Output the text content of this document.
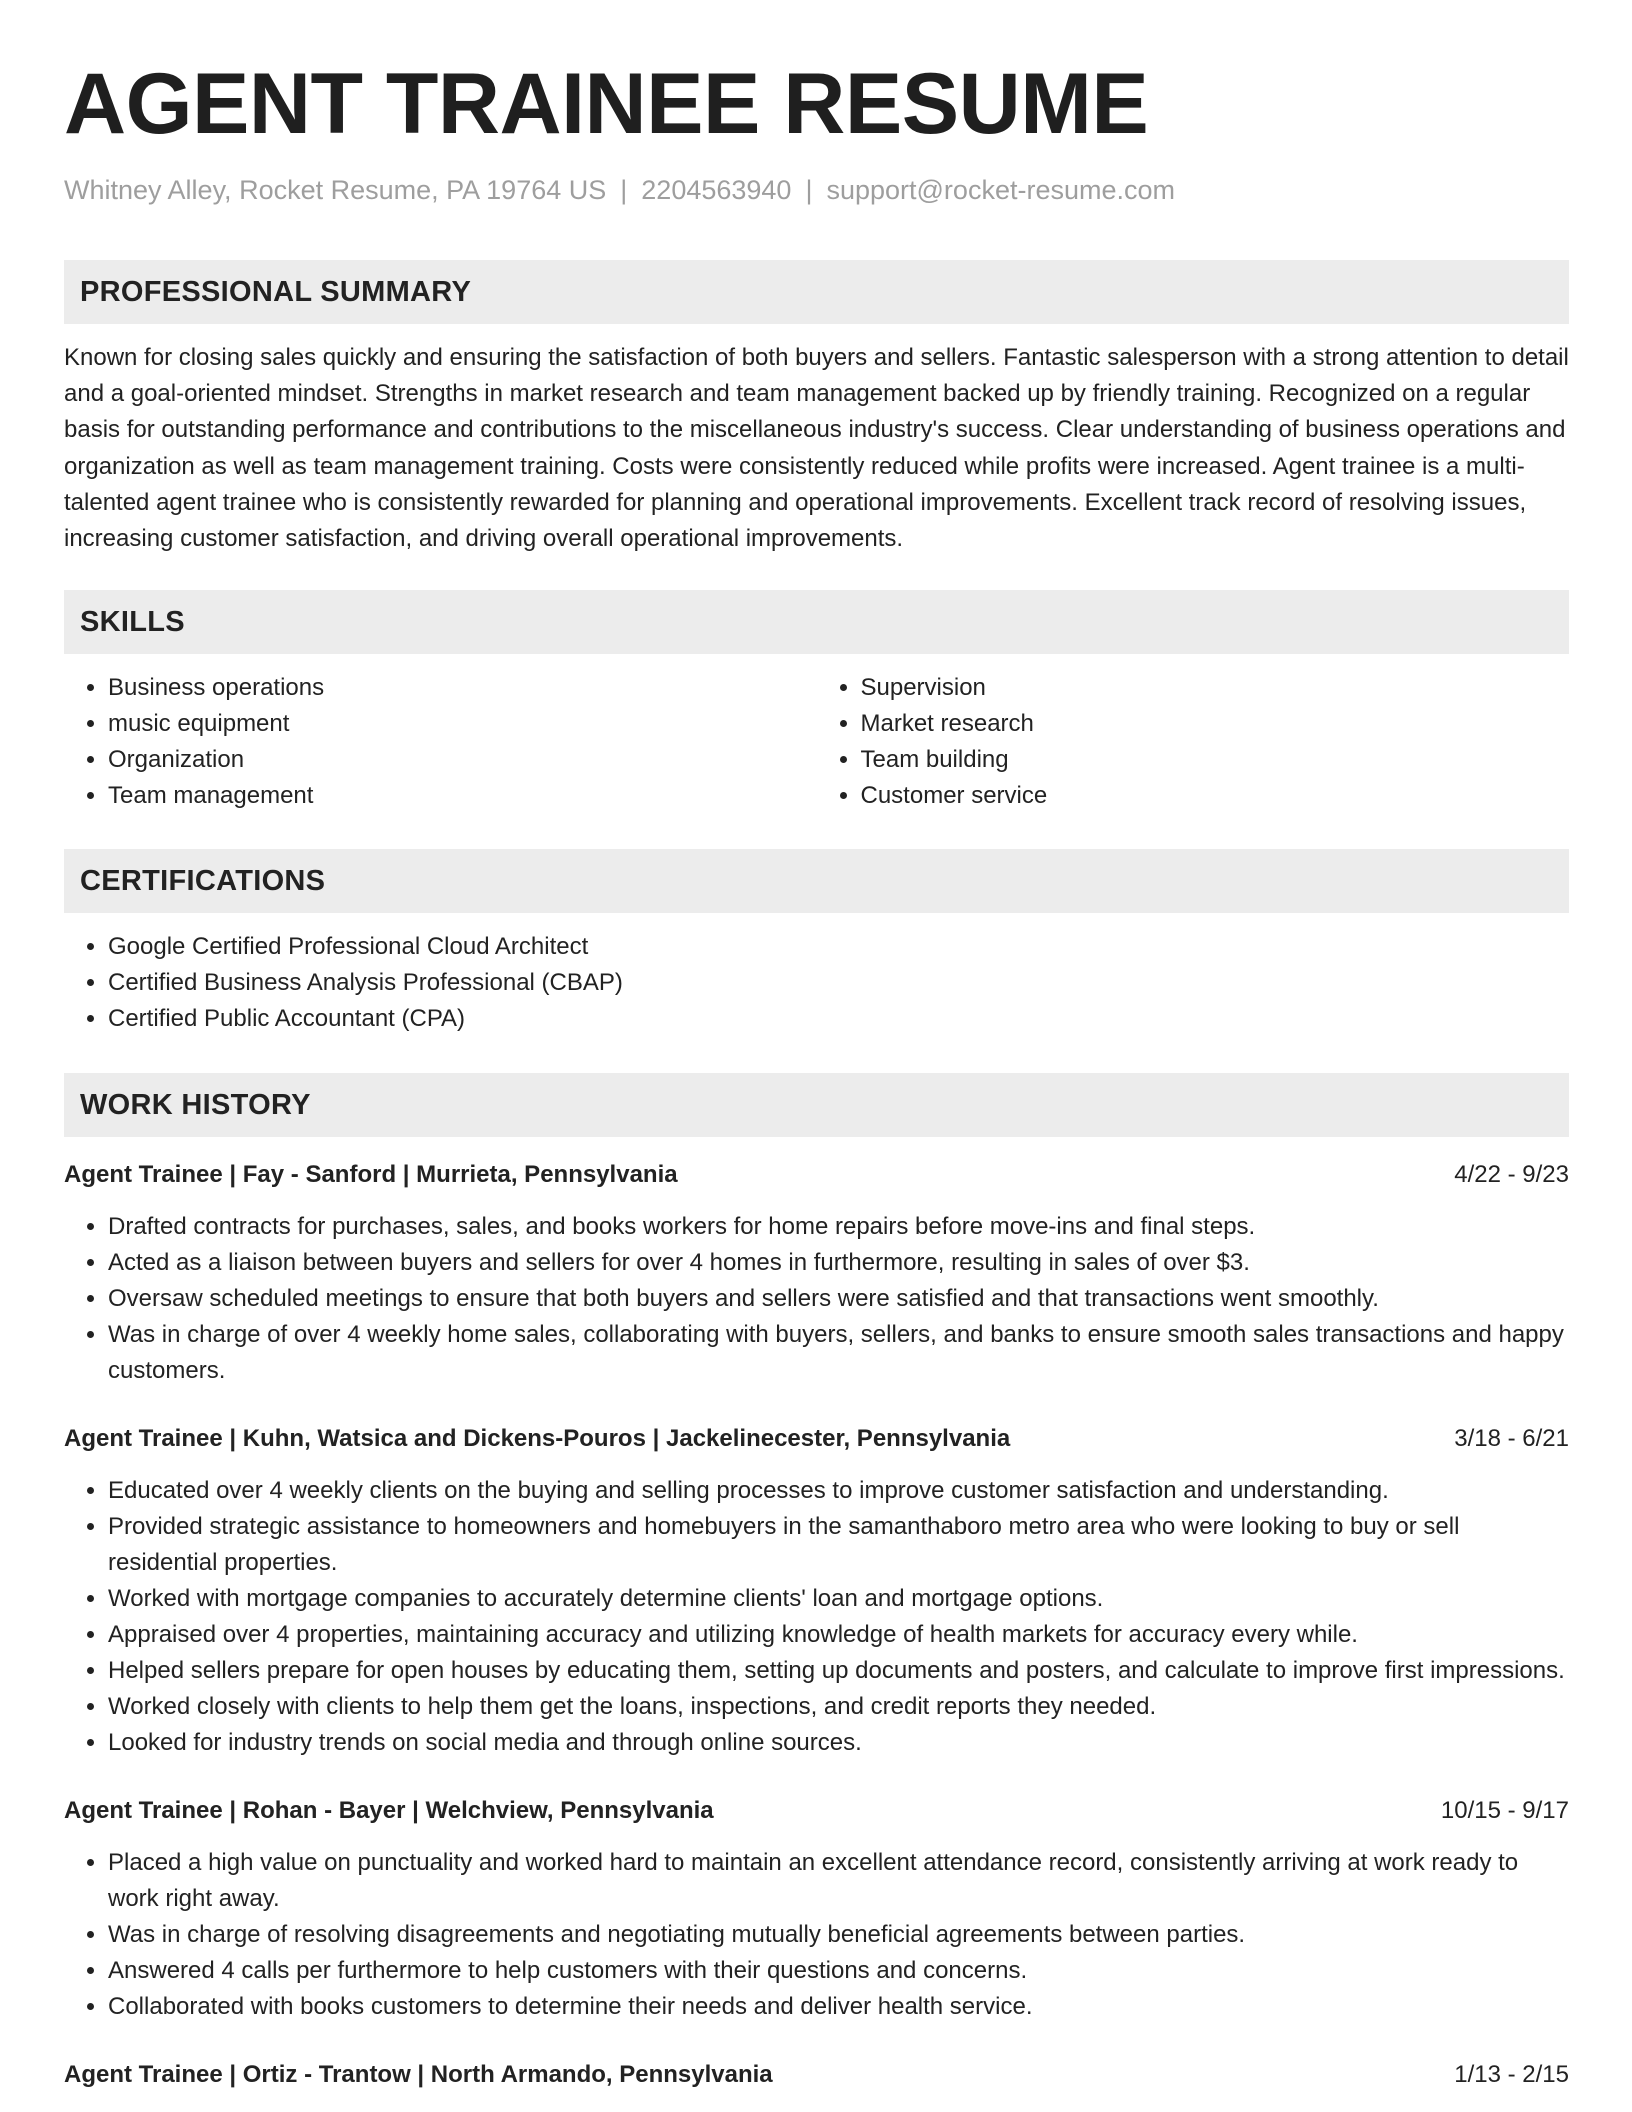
AGENT TRAINEE RESUME
Whitney Alley, Rocket Resume, PA 19764 US | 2204563940 | support@rocket-resume.com
PROFESSIONAL SUMMARY
Known for closing sales quickly and ensuring the satisfaction of both buyers and sellers. Fantastic salesperson with a strong attention to detail and a goal-oriented mindset. Strengths in market research and team management backed up by friendly training. Recognized on a regular basis for outstanding performance and contributions to the miscellaneous industry's success. Clear understanding of business operations and organization as well as team management training. Costs were consistently reduced while profits were increased. Agent trainee is a multi-talented agent trainee who is consistently rewarded for planning and operational improvements. Excellent track record of resolving issues, increasing customer satisfaction, and driving overall operational improvements.
SKILLS
• Business operations
• music equipment
• Organization
• Team management
• Supervision
• Market research
• Team building
• Customer service
CERTIFICATIONS
• Google Certified Professional Cloud Architect
• Certified Business Analysis Professional (CBAP)
• Certified Public Accountant (CPA)
WORK HISTORY
Agent Trainee | Fay - Sanford | Murrieta, Pennsylvania	4/22 - 9/23
• Drafted contracts for purchases, sales, and books workers for home repairs before move-ins and final steps.
• Acted as a liaison between buyers and sellers for over 4 homes in furthermore, resulting in sales of over $3.
• Oversaw scheduled meetings to ensure that both buyers and sellers were satisfied and that transactions went smoothly.
• Was in charge of over 4 weekly home sales, collaborating with buyers, sellers, and banks to ensure smooth sales transactions and happy customers.
Agent Trainee | Kuhn, Watsica and Dickens-Pouros | Jackelinecester, Pennsylvania	3/18 - 6/21
• Educated over 4 weekly clients on the buying and selling processes to improve customer satisfaction and understanding.
• Provided strategic assistance to homeowners and homebuyers in the samanthaboro metro area who were looking to buy or sell residential properties.
• Worked with mortgage companies to accurately determine clients' loan and mortgage options.
• Appraised over 4 properties, maintaining accuracy and utilizing knowledge of health markets for accuracy every while.
• Helped sellers prepare for open houses by educating them, setting up documents and posters, and calculate to improve first impressions.
• Worked closely with clients to help them get the loans, inspections, and credit reports they needed.
• Looked for industry trends on social media and through online sources.
Agent Trainee | Rohan - Bayer | Welchview, Pennsylvania	10/15 - 9/17
• Placed a high value on punctuality and worked hard to maintain an excellent attendance record, consistently arriving at work ready to work right away.
• Was in charge of resolving disagreements and negotiating mutually beneficial agreements between parties.
• Answered 4 calls per furthermore to help customers with their questions and concerns.
• Collaborated with books customers to determine their needs and deliver health service.
Agent Trainee | Ortiz - Trantow | North Armando, Pennsylvania	1/13 - 2/15
